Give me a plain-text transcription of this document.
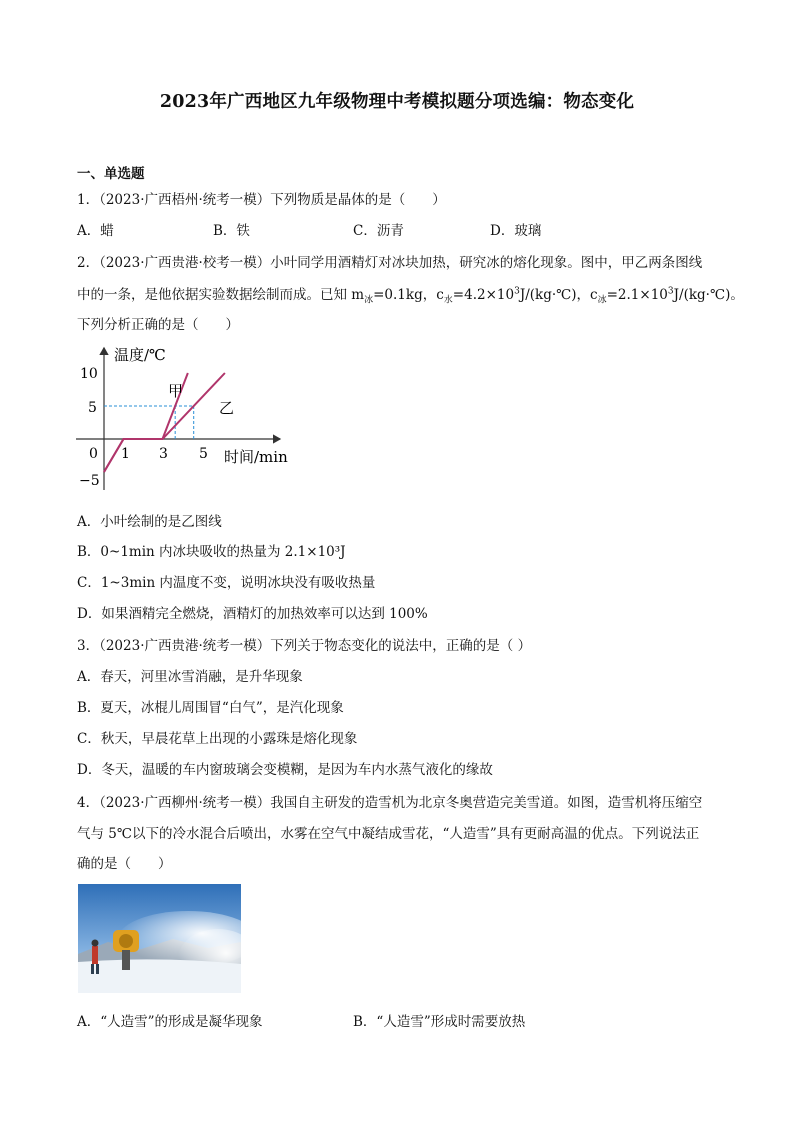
2023年广西地区九年级物理中考模拟题分项选编：物态变化
一、单选题
1．（2023·广西梧州·统考一模）下列物质是晶体的是（　　）
A．蜡	B．铁	C．沥青	D．玻璃
2．（2023·广西贵港·校考一模）小叶同学用酒精灯对冰块加热，研究冰的熔化现象。图中，甲乙两条图线
中的一条，是他依据实验数据绘制而成。已知 $m_冰=0.1kg$，$c_水=4.2\times 10^3J/(kg\cdot℃)$，$c_冰=2.1\times 10^3J/(kg\cdot℃)$。
下列分析正确的是（　　）
温度/℃
时间/min
0 1 3 5
10
5
−5
甲
乙
A．小叶绘制的是乙图线
B．0~1min 内冰块吸收的热量为 2.1×10³J
C．1~3min 内温度不变，说明冰块没有吸收热量
D．如果酒精完全燃烧，酒精灯的加热效率可以达到 100%
3．（2023·广西贵港·统考一模）下列关于物态变化的说法中，正确的是（ ）
A．春天，河里冰雪消融，是升华现象
B．夏天，冰棍儿周围冒“白气”，是汽化现象
C．秋天，早晨花草上出现的小露珠是熔化现象
D．冬天，温暖的车内窗玻璃会变模糊，是因为车内水蒸气液化的缘故
4．（2023·广西柳州·统考一模）我国自主研发的造雪机为北京冬奥营造完美雪道。如图，造雪机将压缩空
气与 5℃以下的冷水混合后喷出，水雾在空气中凝结成雪花，“人造雪”具有更耐高温的优点。下列说法正
确的是（　　）
A．“人造雪”的形成是凝华现象	B．“人造雪”形成时需要放热
